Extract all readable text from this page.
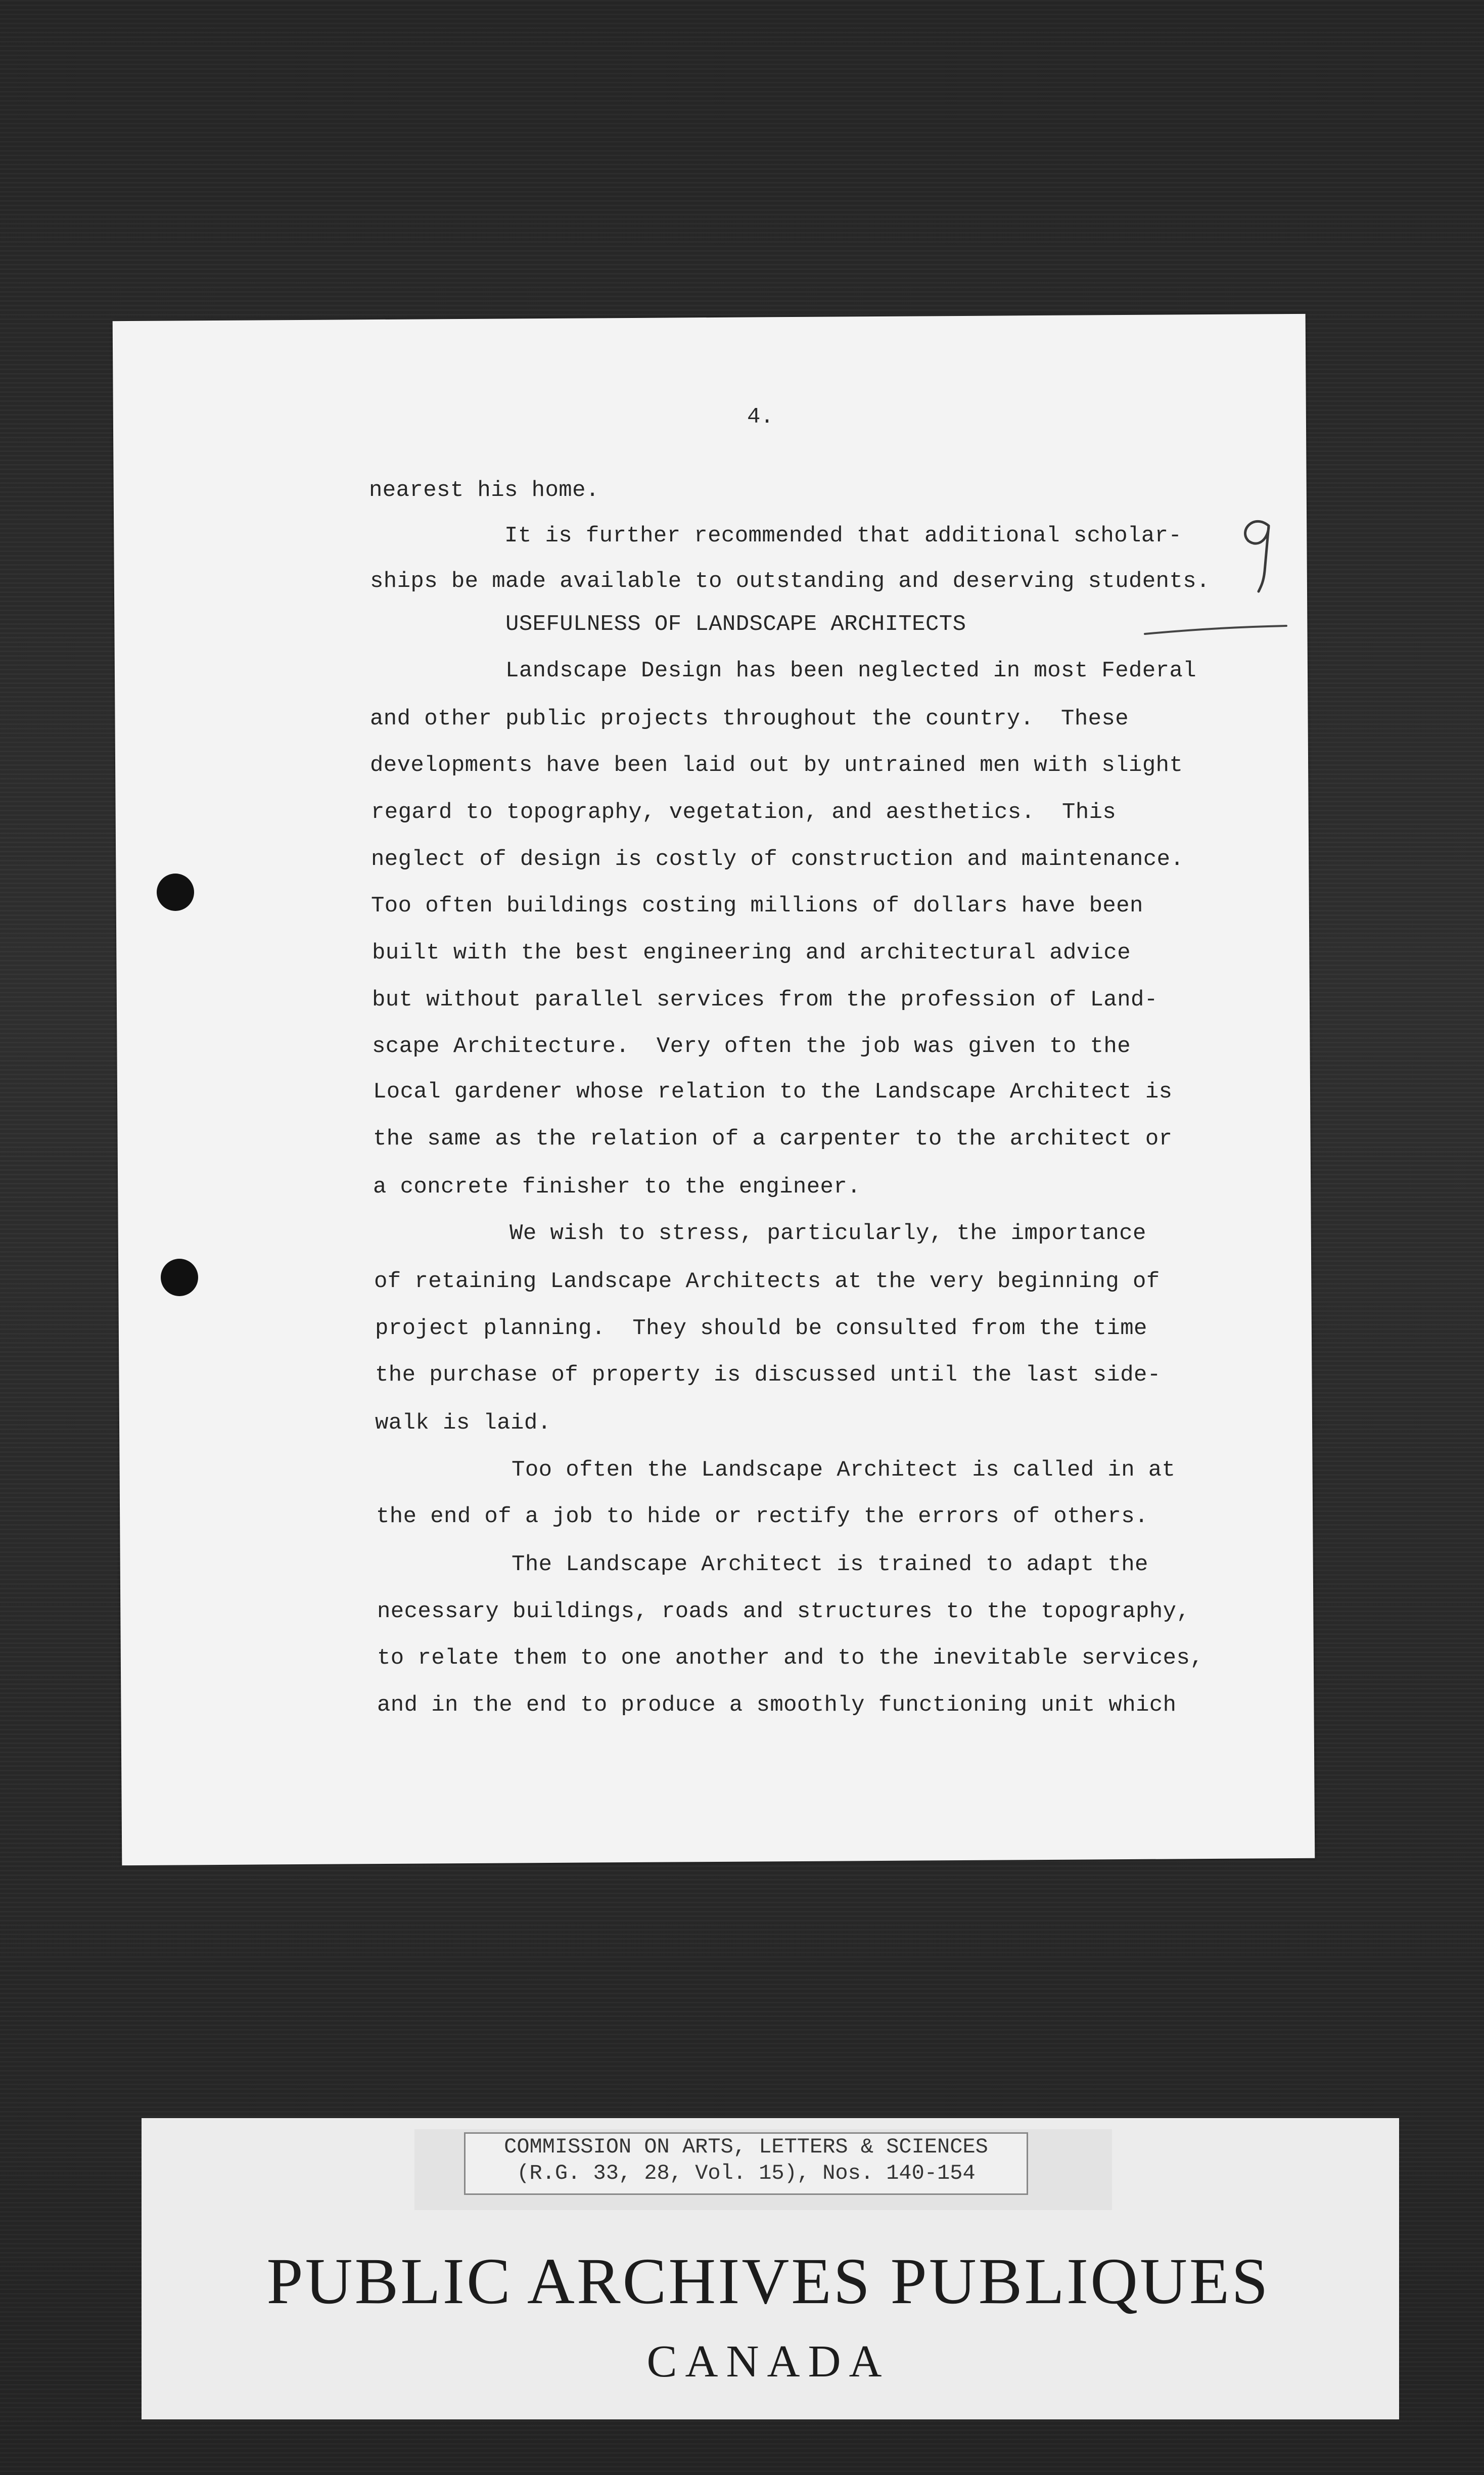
4.

nearest his home.

It is further recommended that additional scholar-

ships be made available to outstanding and deserving students.

USEFULNESS OF LANDSCAPE ARCHITECTS

Landscape Design has been neglected in most Federal

and other public projects throughout the country.  These

developments have been laid out by untrained men with slight

regard to topography, vegetation, and aesthetics.  This

neglect of design is costly of construction and maintenance.

Too often buildings costing millions of dollars have been

built with the best engineering and architectural advice

but without parallel services from the profession of Land-

scape Architecture.  Very often the job was given to the

Local gardener whose relation to the Landscape Architect is

the same as the relation of a carpenter to the architect or

a concrete finisher to the engineer.

We wish to stress, particularly, the importance

of retaining Landscape Architects at the very beginning of

project planning.  They should be consulted from the time

the purchase of property is discussed until the last side-

walk is laid.

Too often the Landscape Architect is called in at

the end of a job to hide or rectify the errors of others.

The Landscape Architect is trained to adapt the

necessary buildings, roads and structures to the topography,

to relate them to one another and to the inevitable services,

and in the end to produce a smoothly functioning unit which

COMMISSION ON ARTS, LETTERS & SCIENCES

(R.G. 33, 28, Vol. 15), Nos. 140-154

PUBLIC ARCHIVES PUBLIQUES
CANADA
